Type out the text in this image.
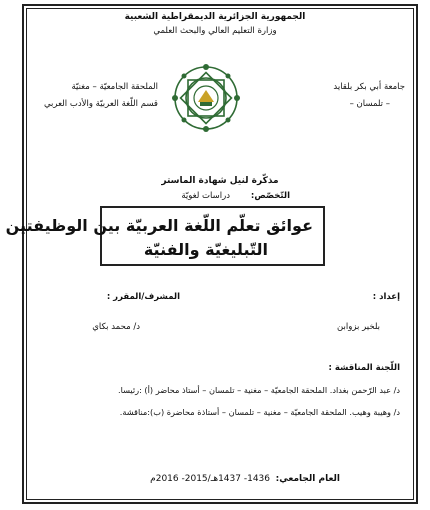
الجمهورية الجزائرية الديمقراطية الشعبية
وزارة التعليم العالي والبحث العلمي
الملحقة الجامعيّة – مغنيّة
قسم اللّغة العربيّة والأدب العربي
جامعة أبي بكر بلقايد
– تلمسان –
مذكّرة لنيل شهادة الماستر
دراسات لغويّة	التّخصّص:
عوائق تعلّم اللّغة العربيّة بين الوظيفتين
التّبليغيّة والفنيّة
إعداد :
المشرف/المقرر :
بلخير بزوابن
د/ محمد بكاي
اللّجنة المناقشة :
د/ عبد الرّحمن بغداد. الملحقة الجامعيّة – مغنية – تلمسان – أستاذ محاضر (أ) :رئيسا.
د/ وهيبة وهيب. الملحقة الجامعيّة – مغنية – تلمسان – أستاذة محاضرة (ب):مناقشة.
1436- 1437هـ/2015- 2016م العام الجامعي:
